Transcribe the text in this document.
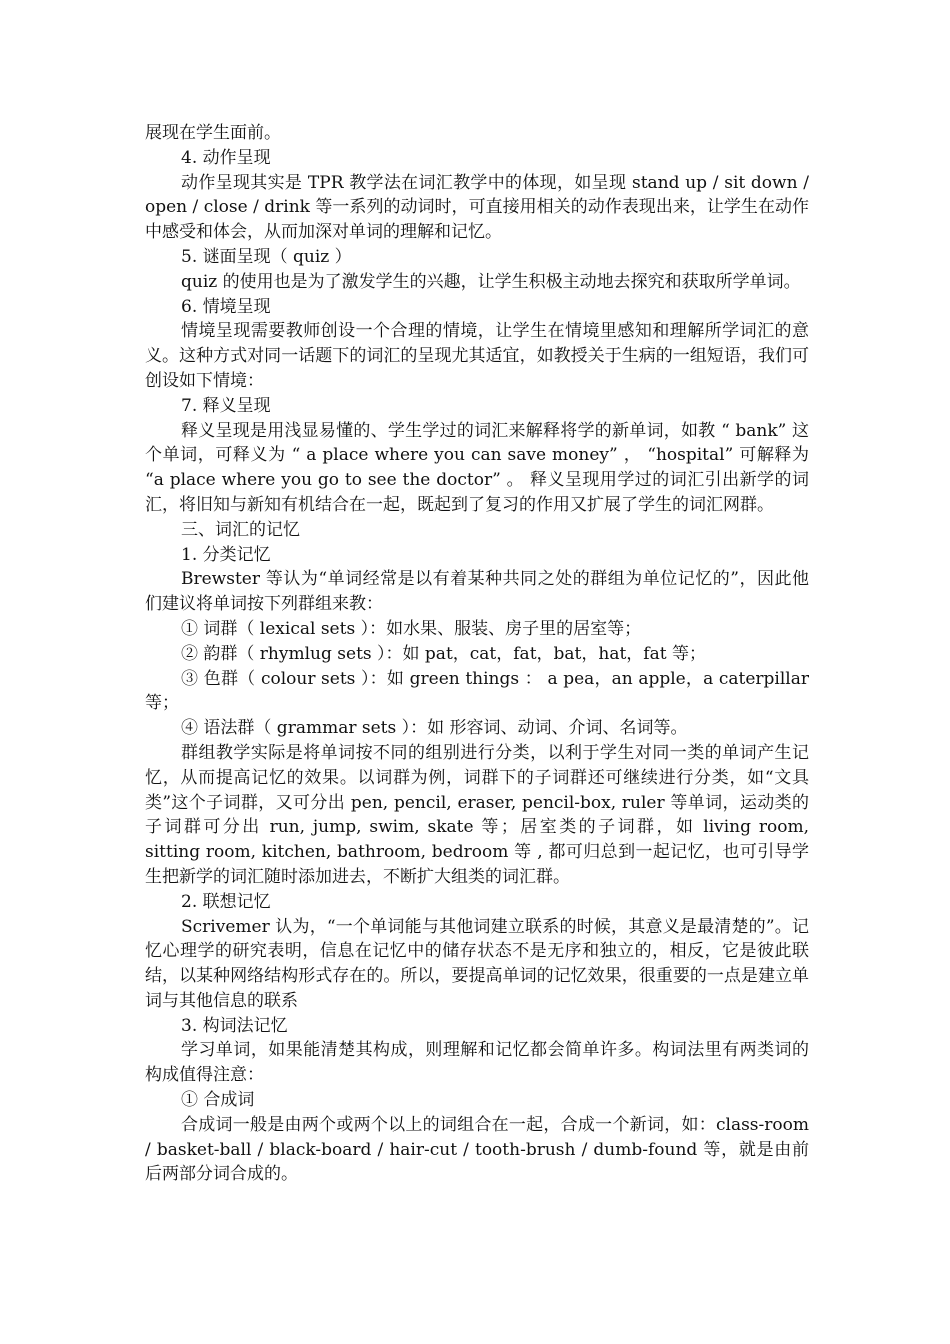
展现在学生面前。

4. 动作呈现

动作呈现其实是 TPR 教学法在词汇教学中的体现，如呈现 stand up / sit down / open / close / drink 等一系列的动词时，可直接用相关的动作表现出来，让学生在动作中感受和体会，从而加深对单词的理解和记忆。

5. 谜面呈现（ quiz ）

quiz 的使用也是为了激发学生的兴趣，让学生积极主动地去探究和获取所学单词。

6. 情境呈现

情境呈现需要教师创设一个合理的情境，让学生在情境里感知和理解所学词汇的意义。这种方式对同一话题下的词汇的呈现尤其适宜，如教授关于生病的一组短语，我们可创设如下情境：

7. 释义呈现

释义呈现是用浅显易懂的、学生学过的词汇来解释将学的新单词，如教 “ bank” 这个单词，可释义为 “ a place where you can save money” ， “hospital” 可解释为 “a place where you go to see the doctor” 。 释义呈现用学过的词汇引出新学的词汇，将旧知与新知有机结合在一起，既起到了复习的作用又扩展了学生的词汇网群。

三、词汇的记忆

1. 分类记忆

Brewster 等认为“单词经常是以有着某种共同之处的群组为单位记忆的”，因此他们建议将单词按下列群组来教：

① 词群（ lexical sets ）：如水果、服装、房子里的居室等；

② 韵群（ rhymlug sets ）：如 pat，cat，fat，bat，hat，fat 等；

③ 色群（ colour sets ）：如 green things ： a pea，an apple，a caterpillar 等；

④ 语法群（ grammar sets ）：如 形容词、动词、介词、名词等。

群组教学实际是将单词按不同的组别进行分类，以利于学生对同一类的单词产生记忆，从而提高记忆的效果。以词群为例，词群下的子词群还可继续进行分类，如“文具类”这个子词群，又可分出 pen, pencil, eraser, pencil-box, ruler 等单词，运动类的子词群可分出 run, jump, swim, skate 等；居室类的子词群，如 living room, sitting room, kitchen, bathroom, bedroom 等 , 都可归总到一起记忆，也可引导学生把新学的词汇随时添加进去，不断扩大组类的词汇群。

2. 联想记忆

Scrivemer 认为，“一个单词能与其他词建立联系的时候，其意义是最清楚的”。记忆心理学的研究表明，信息在记忆中的储存状态不是无序和独立的，相反，它是彼此联结，以某种网络结构形式存在的。所以，要提高单词的记忆效果，很重要的一点是建立单词与其他信息的联系

3. 构词法记忆

学习单词，如果能清楚其构成，则理解和记忆都会简单许多。构词法里有两类词的构成值得注意：

① 合成词

合成词一般是由两个或两个以上的词组合在一起，合成一个新词，如：class-room / basket-ball / black-board / hair-cut / tooth-brush / dumb-found 等，就是由前后两部分词合成的。
